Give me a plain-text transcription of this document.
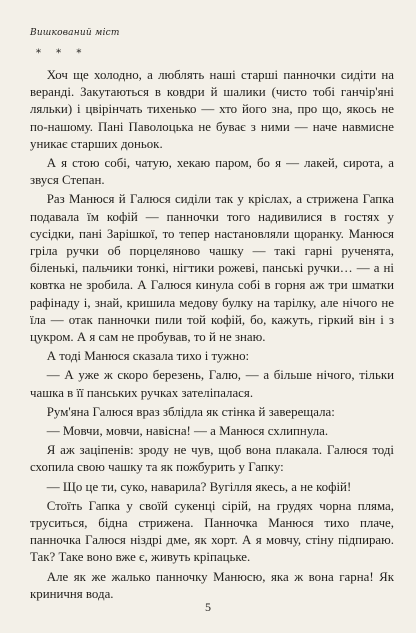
Вишкований міст
* * *

Хоч ще холодно, а люблять наші старші панночки сидіти на веранді. Закутаються в ковдри й шалики (чисто тобі ганчір'яні ляльки) і цвірінчать тихенько — хто його зна, про що, якось не по-нашому. Пані Паволоцька не буває з ними — наче навмисне уникає старших доньок.

А я стою собі, чатую, хекаю паром, бо я — лакей, сирота, а звуся Степан.

Раз Манюся й Галюся сиділи так у кріслах, а стрижена Гапка подавала їм кофій — панночки того надивилися в гостях у сусідки, пані Зарішкої, то тепер настановляли щоранку. Манюся гріла ручки об порцеляново чашку — такі гарні рученята, біленькі, пальчики тонкі, нігтики рожеві, панські ручки… — а ні ковтка не зробила. А Галюся кинула собі в горня аж три шматки рафінаду і, знай, кришила медову булку на тарілку, але нічого не їла — отак панночки пили той кофій, бо, кажуть, гіркий він і з цукром. А я сам не пробував, то й не знаю.

А тоді Манюся сказала тихо і тужно:

— А уже ж скоро березень, Галю, — а більше нічого, тільки чашка в її панських ручках зателіпалася.

Рум'яна Галюся враз зблідла як стінка й заверещала:

— Мовчи, мовчи, навісна! — а Манюся схлипнула.

Я аж заціпенів: зроду не чув, щоб вона плакала. Галюся тоді схопила свою чашку та як пожбурить у Гапку:

— Що це ти, суко, наварила? Вугілля якесь, а не кофій!

Стоїть Гапка у своїй сукенці сірій, на грудях чорна пляма, труситься, бідна стрижена. Панночка Манюся тихо плаче, панночка Галюся ніздрі дме, як хорт. А я мовчу, стіну підпираю. Так? Таке воно вже є, живуть кріпацьке.

Але як же жалько панночку Манюсю, яка ж вона гарна! Як криничня вода.

5
